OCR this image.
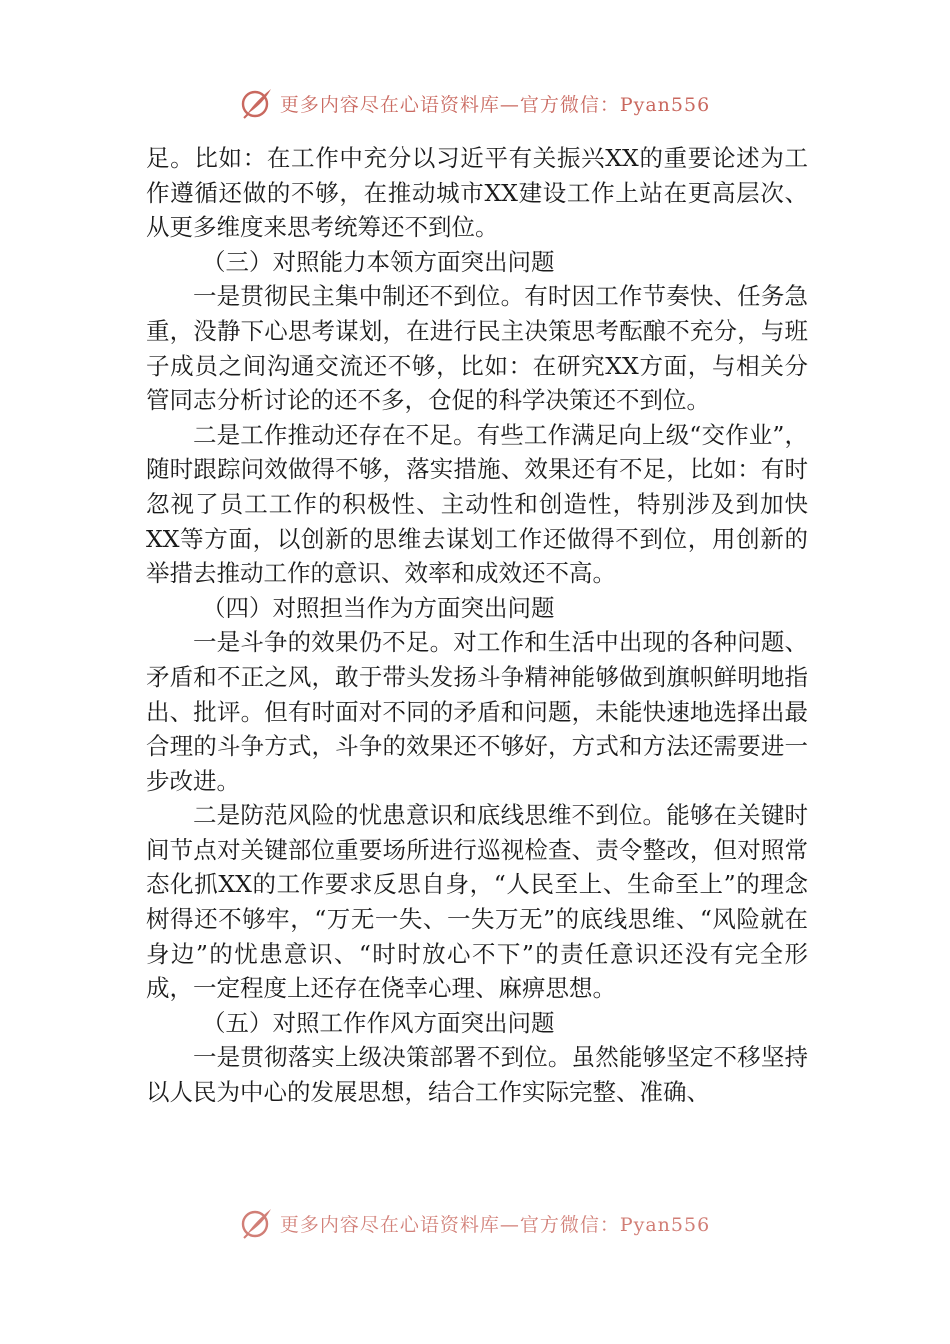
更多内容尽在心语资料库—官方微信：Pyan556

足。比如：在工作中充分以习近平有关振兴XX的重要论述为工作遵循还做的不够，在推动城市XX建设工作上站在更高层次、从更多维度来思考统筹还不到位。

（三）对照能力本领方面突出问题

一是贯彻民主集中制还不到位。有时因工作节奏快、任务急重，没静下心思考谋划，在进行民主决策思考酝酿不充分，与班子成员之间沟通交流还不够，比如：在研究XX方面，与相关分管同志分析讨论的还不多，仓促的科学决策还不到位。

二是工作推动还存在不足。有些工作满足向上级“交作业”，随时跟踪问效做得不够，落实措施、效果还有不足，比如：有时忽视了员工工作的积极性、主动性和创造性，特别涉及到加快XX等方面，以创新的思维去谋划工作还做得不到位，用创新的举措去推动工作的意识、效率和成效还不高。

（四）对照担当作为方面突出问题

一是斗争的效果仍不足。对工作和生活中出现的各种问题、矛盾和不正之风，敢于带头发扬斗争精神能够做到旗帜鲜明地指出、批评。但有时面对不同的矛盾和问题，未能快速地选择出最合理的斗争方式，斗争的效果还不够好，方式和方法还需要进一步改进。

二是防范风险的忧患意识和底线思维不到位。能够在关键时间节点对关键部位重要场所进行巡视检查、责令整改，但对照常态化抓XX的工作要求反思自身，“人民至上、生命至上”的理念树得还不够牢，“万无一失、一失万无”的底线思维、“风险就在身边”的忧患意识、“时时放心不下”的责任意识还没有完全形成，一定程度上还存在侥幸心理、麻痹思想。

（五）对照工作作风方面突出问题

一是贯彻落实上级决策部署不到位。虽然能够坚定不移坚持以人民为中心的发展思想，结合工作实际完整、准确、

更多内容尽在心语资料库—官方微信：Pyan556
